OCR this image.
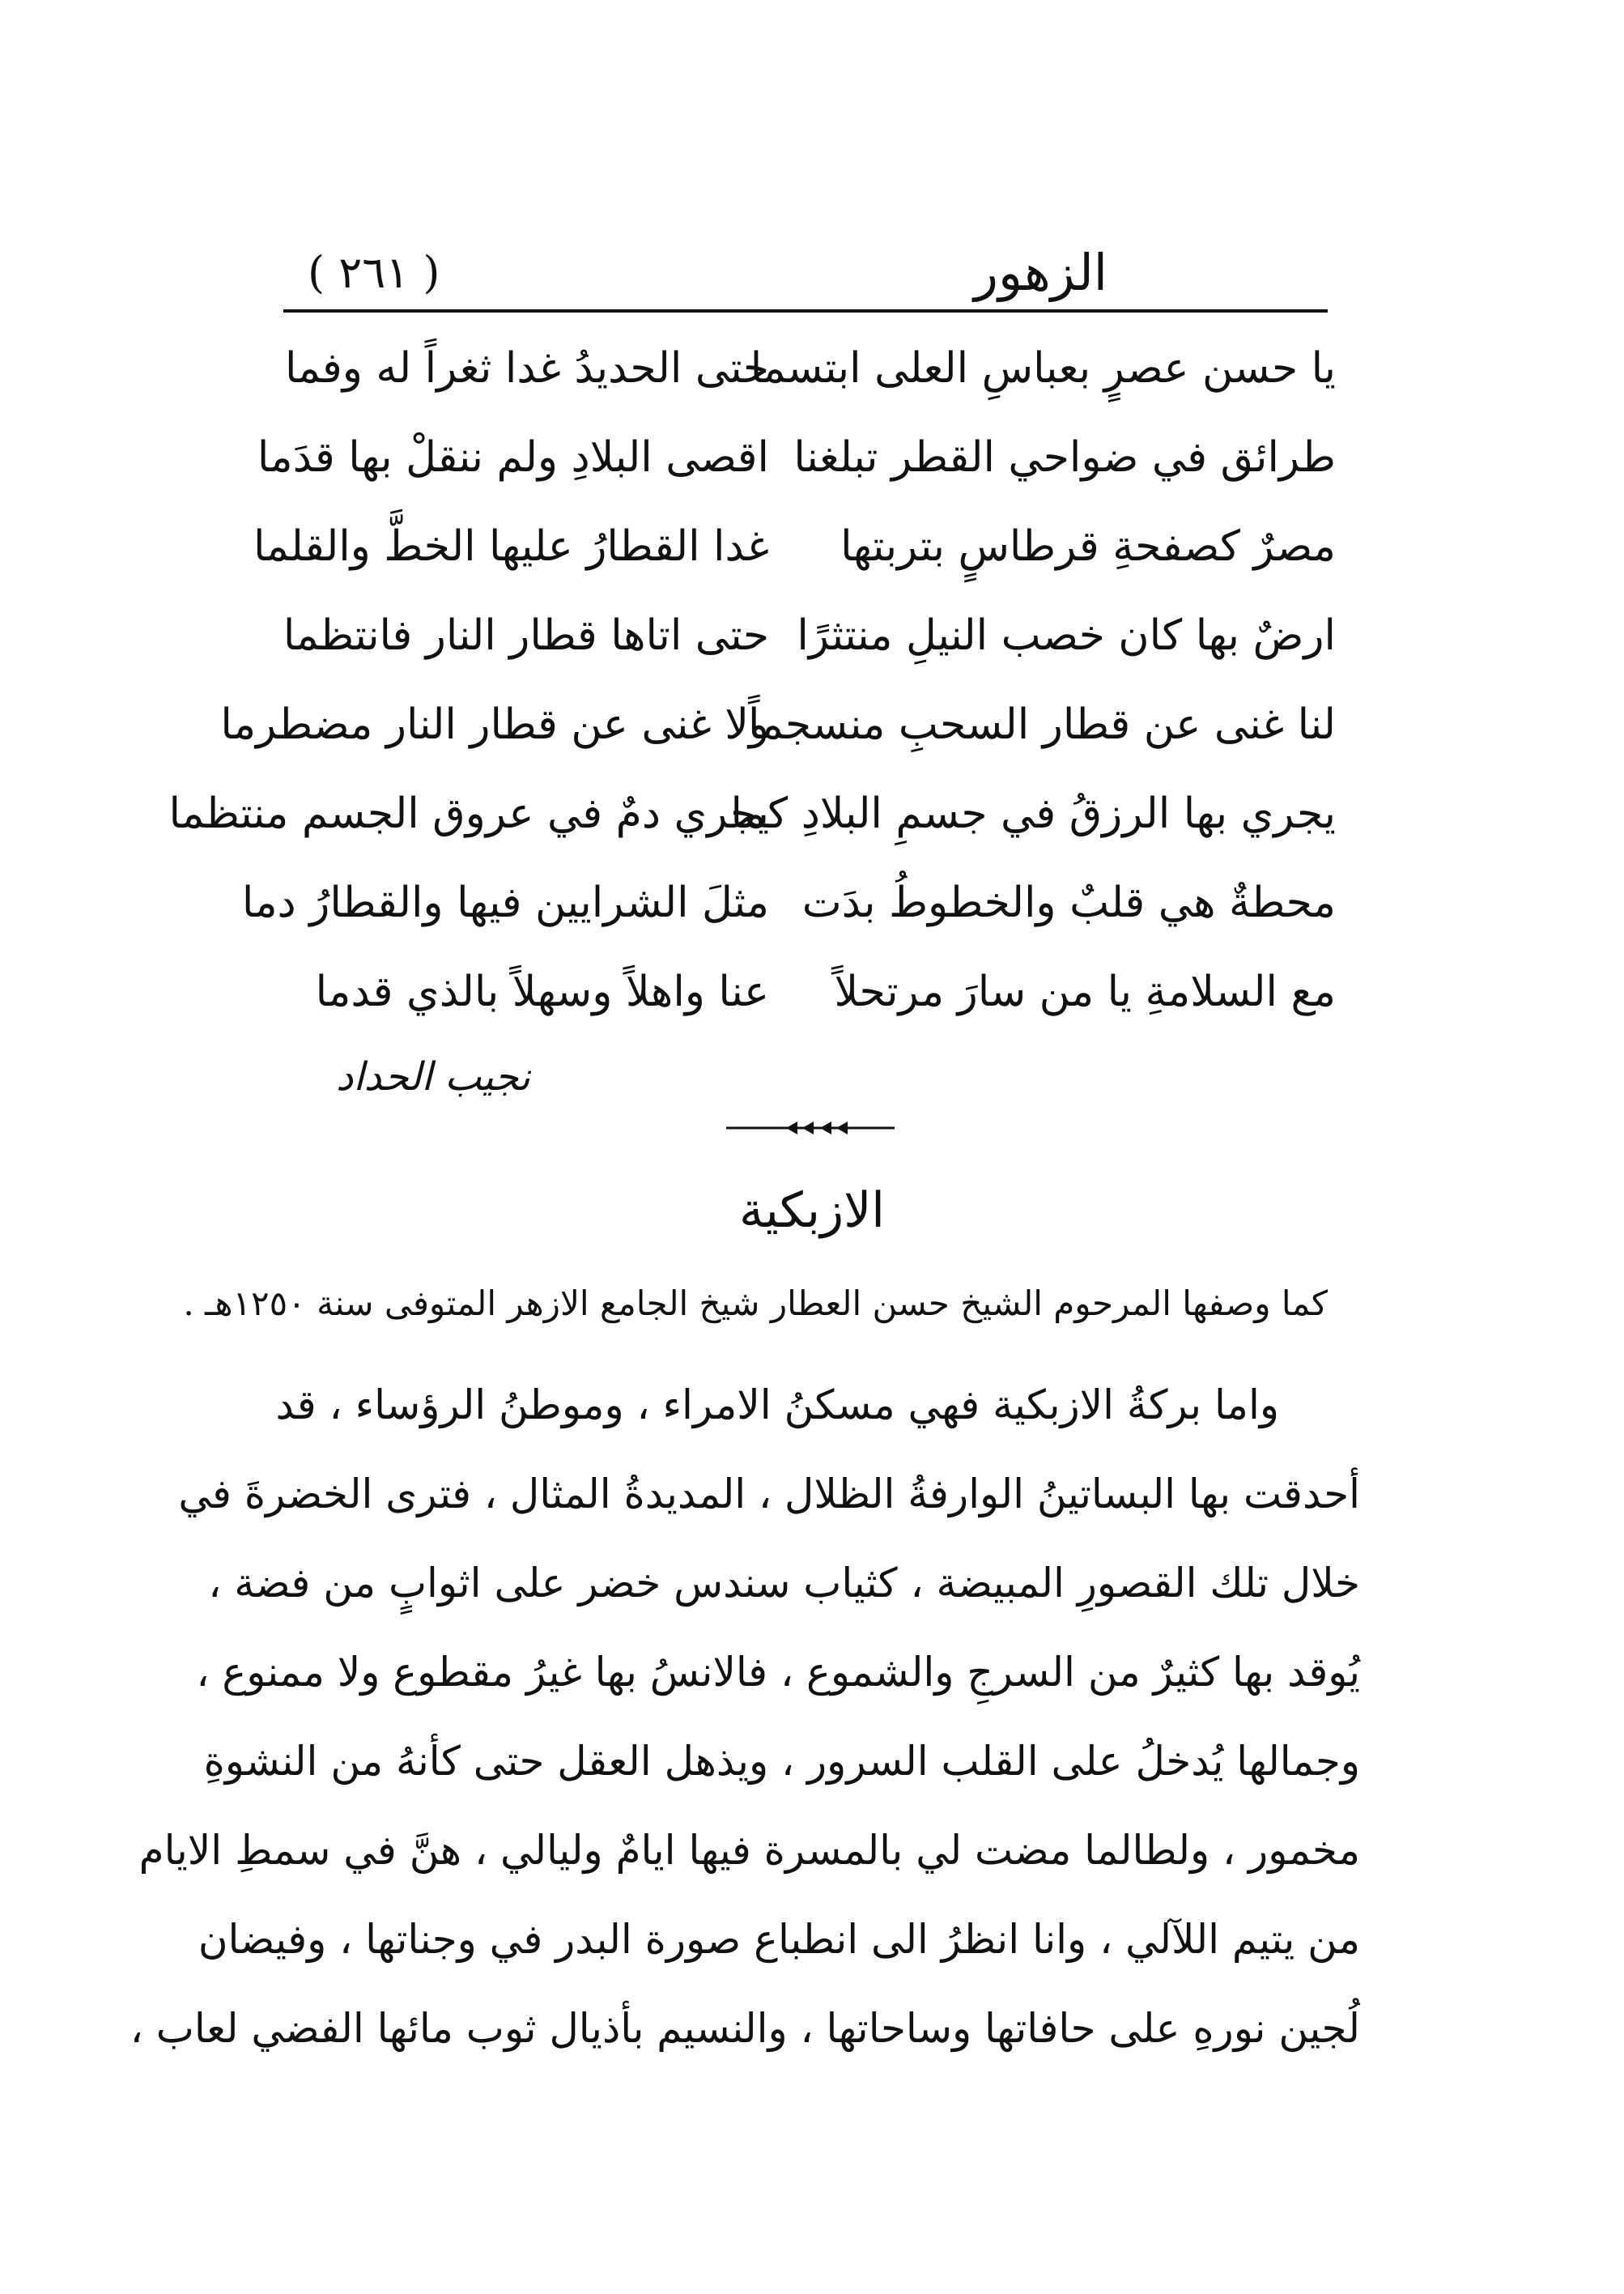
( ٢٦١ )	الزهور
يا حسن عصرٍ بعباسِ العلى ابتسما
حتى الحديدُ غدا ثغراً له وفما
طرائق في ضواحي القطر تبلغنا
اقصى البلادِ ولم ننقلْ بها قدَما
مصرٌ كصفحةِ قرطاسٍ بتربتها
غدا القطارُ عليها الخطَّ والقلما
ارضٌ بها كان خصب النيلِ منتثرًا
حتى اتاها قطار النار فانتظما
لنا غنى عن قطار السحبِ منسجماً
ولا غنى عن قطار النار مضطرما
يجري بها الرزقُ في جسمِ البلادِ كما
يجري دمٌ في عروق الجسم منتظما
محطةٌ هي قلبٌ والخطوطُ بدَت
مثلَ الشرايين فيها والقطارُ دما
مع السلامةِ يا من سارَ مرتحلاً
عنا واهلاً وسهلاً بالذي قدما
نجيب الحداد
الازبكية
كما وصفها المرحوم الشيخ حسن العطار شيخ الجامع الازهر المتوفى سنة ١٢٥٠هـ .
واما بركةُ الازبكية فهي مسكنُ الامراء ، وموطنُ الرؤساء ، قد
أحدقت بها البساتينُ الوارفةُ الظلال ، المديدةُ المثال ، فترى الخضرةَ في
خلال تلك القصورِ المبيضة ، كثياب سندس خضر على اثوابٍ من فضة ،
يُوقد بها كثيرٌ من السرجِ والشموع ، فالانسُ بها غيرُ مقطوع ولا ممنوع ،
وجمالها يُدخلُ على القلب السرور ، ويذهل العقل حتى كأنهُ من النشوةِ
مخمور ، ولطالما مضت لي بالمسرة فيها ايامٌ وليالي ، هنَّ في سمطِ الايام
من يتيم اللآلي ، وانا انظرُ الى انطباع صورة البدر في وجناتها ، وفيضان
لُجين نورهِ على حافاتها وساحاتها ، والنسيم بأذيال ثوب مائها الفضي لعاب ،
